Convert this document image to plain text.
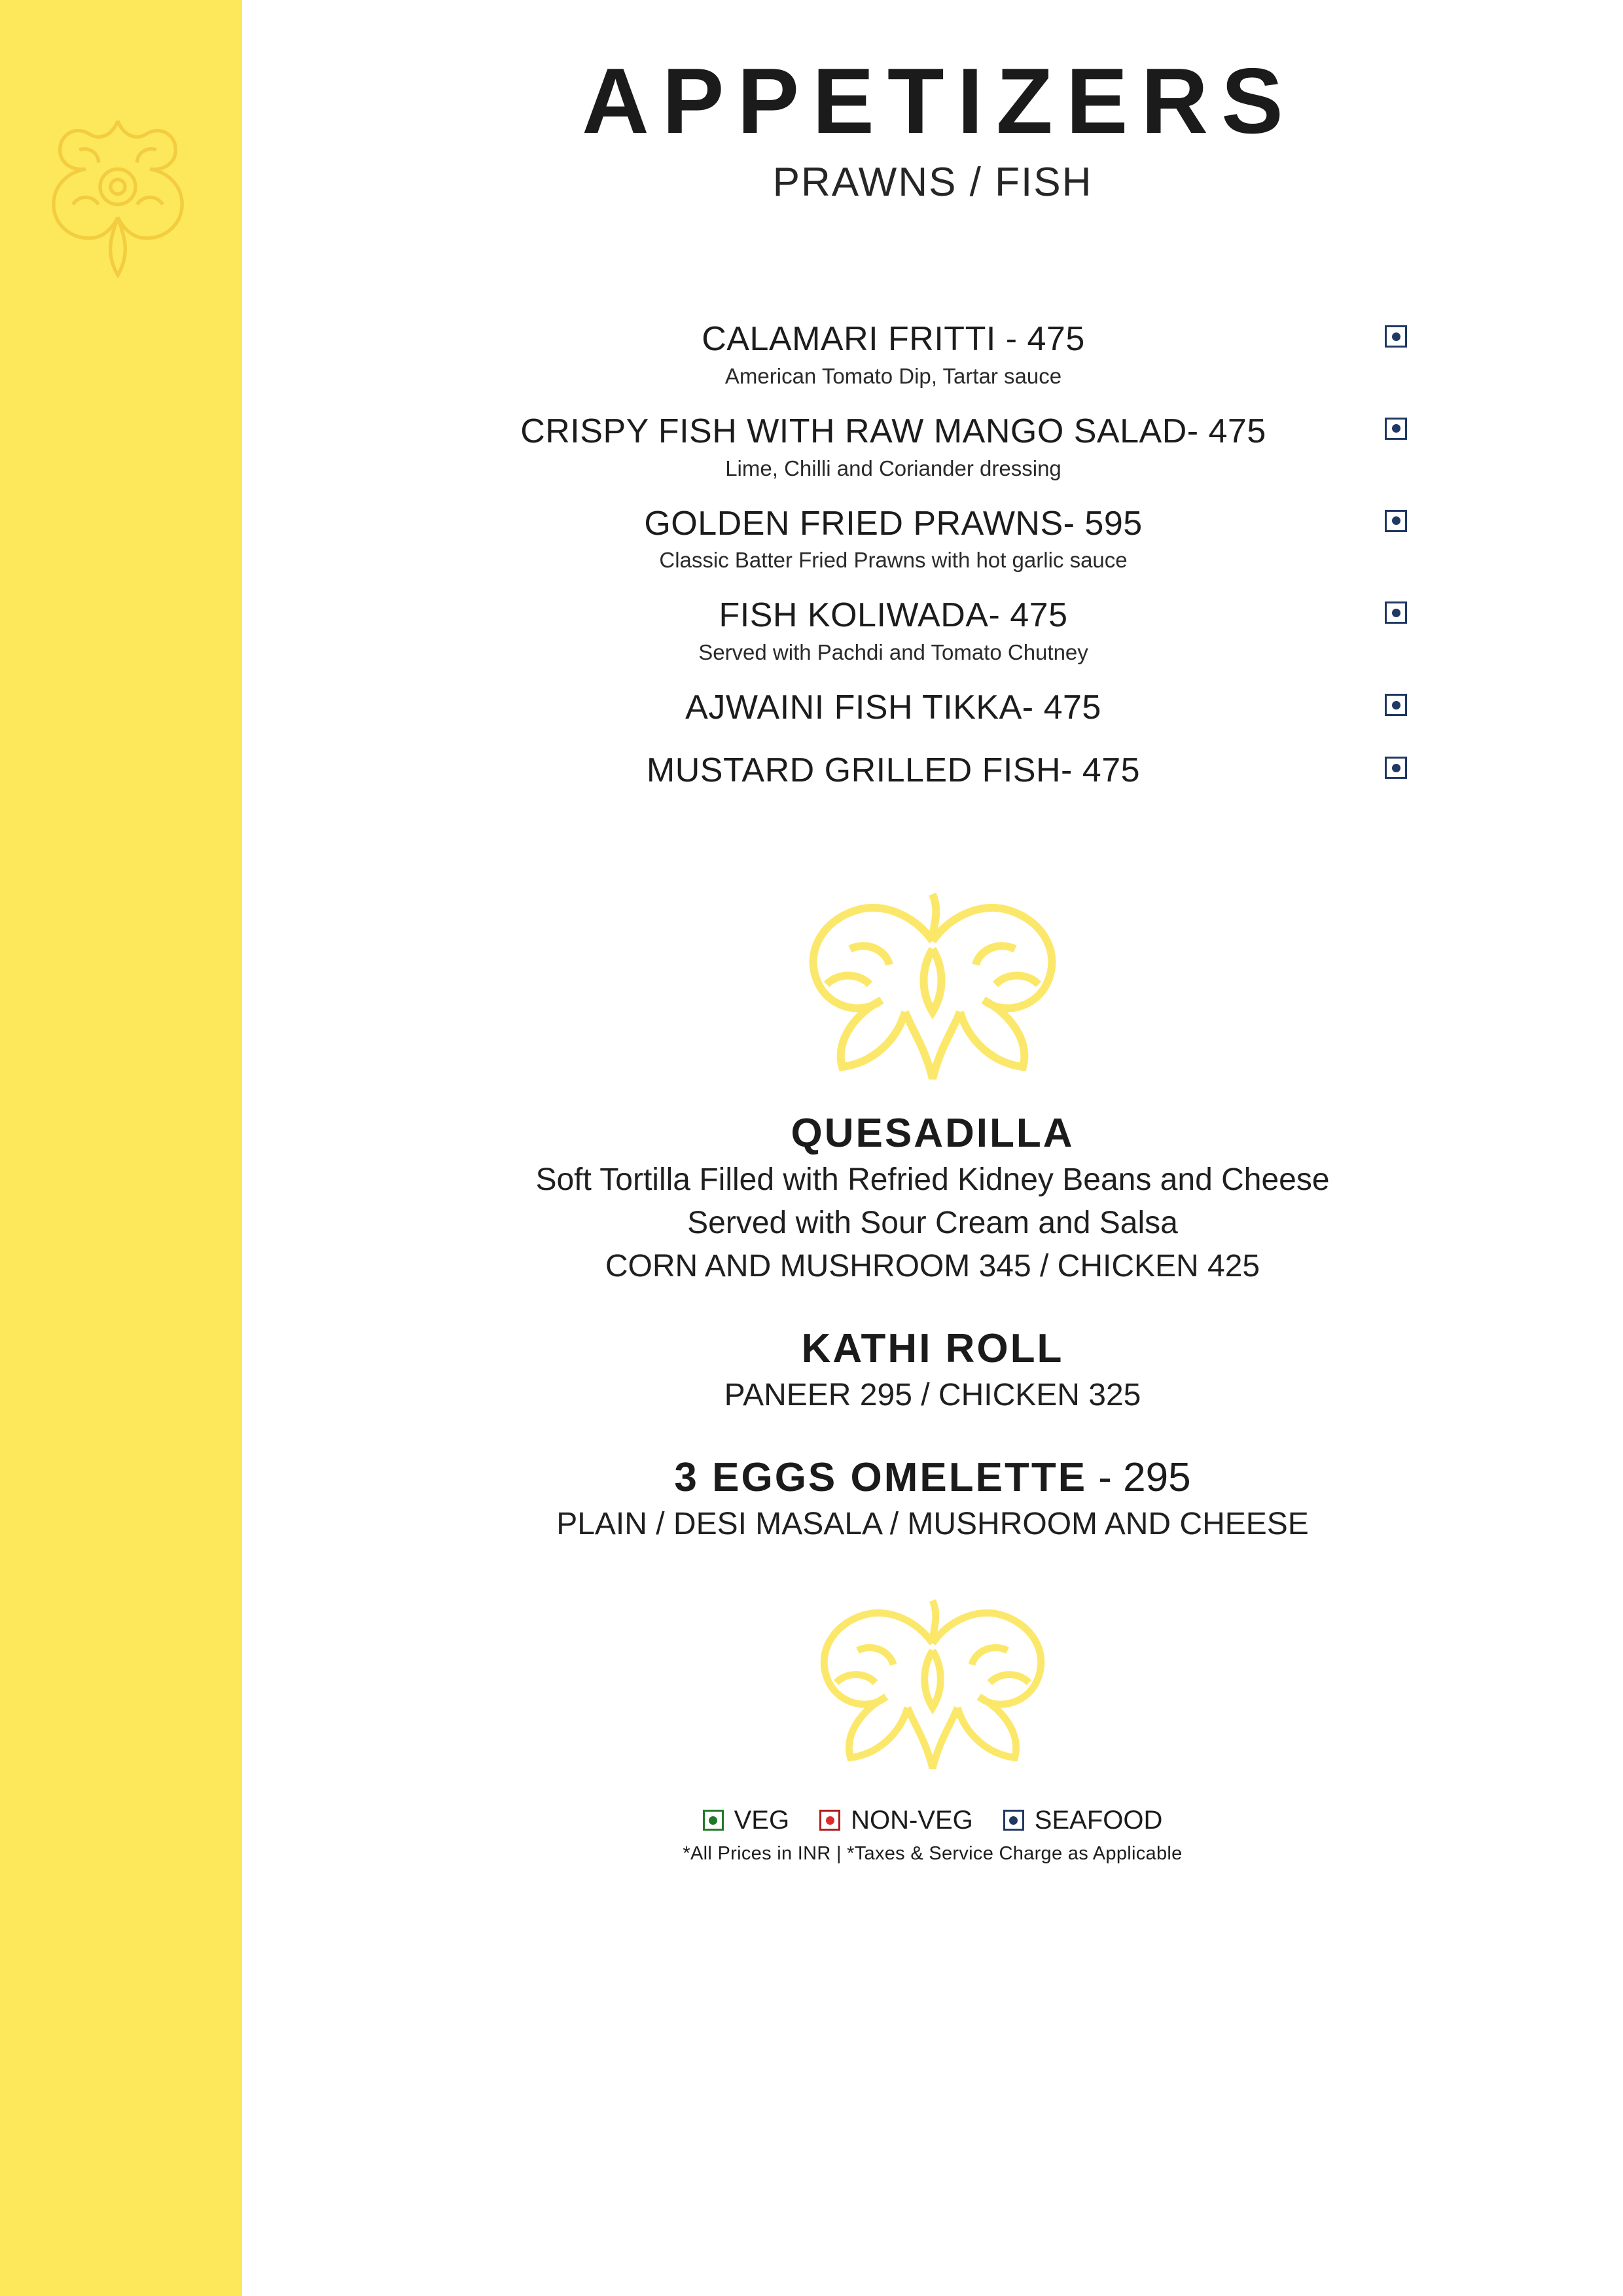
APPETIZERS
PRAWNS / FISH
CALAMARI FRITTI - 475
American Tomato Dip, Tartar sauce
CRISPY FISH WITH RAW MANGO SALAD- 475
Lime, Chilli and Coriander dressing
GOLDEN FRIED PRAWNS- 595
Classic Batter Fried Prawns with hot garlic sauce
FISH KOLIWADA- 475
Served with Pachdi and Tomato Chutney
AJWAINI FISH TIKKA- 475
MUSTARD GRILLED FISH- 475
QUESADILLA
Soft Tortilla Filled with Refried Kidney Beans and Cheese
Served with Sour Cream and Salsa
CORN AND MUSHROOM 345 / CHICKEN 425
KATHI ROLL
PANEER 295 / CHICKEN 325
3 EGGS OMELETTE - 295
PLAIN / DESI MASALA / MUSHROOM AND CHEESE
VEG NON-VEG SEAFOOD
*All Prices in INR | *Taxes & Service Charge as Applicable
